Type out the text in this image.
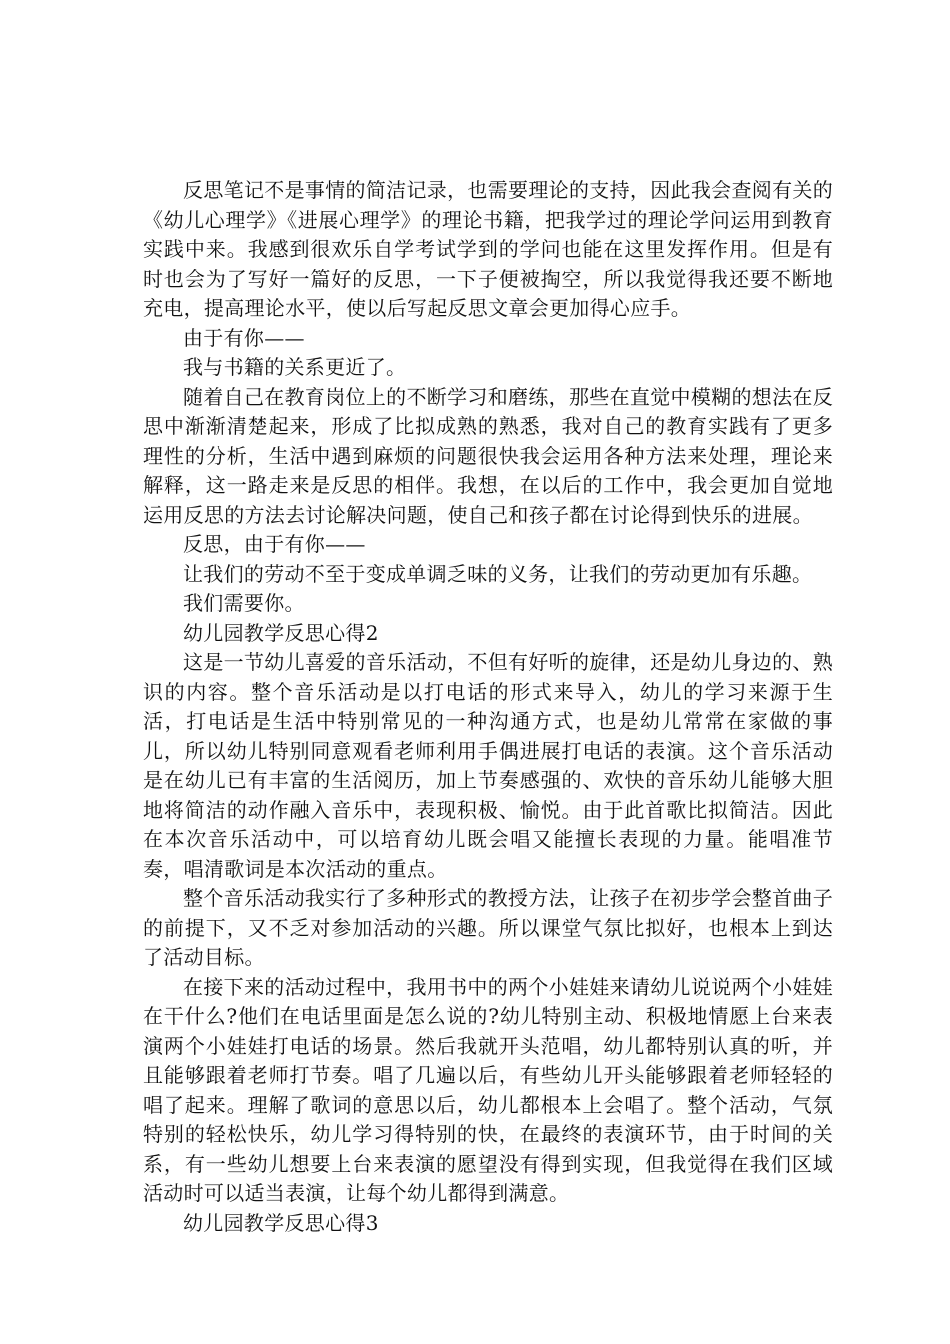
反思笔记不是事情的简洁记录，也需要理论的支持，因此我会查阅有关的《幼儿心理学》《进展心理学》的理论书籍，把我学过的理论学问运用到教育实践中来。我感到很欢乐自学考试学到的学问也能在这里发挥作用。但是有时也会为了写好一篇好的反思，一下子便被掏空，所以我觉得我还要不断地充电，提高理论水平，使以后写起反思文章会更加得心应手。

由于有你——

我与书籍的关系更近了。

随着自己在教育岗位上的不断学习和磨练，那些在直觉中模糊的想法在反思中渐渐清楚起来，形成了比拟成熟的熟悉，我对自己的教育实践有了更多理性的分析，生活中遇到麻烦的问题很快我会运用各种方法来处理，理论来解释，这一路走来是反思的相伴。我想，在以后的工作中，我会更加自觉地运用反思的方法去讨论解决问题，使自己和孩子都在讨论得到快乐的进展。

反思，由于有你——

让我们的劳动不至于变成单调乏味的义务，让我们的劳动更加有乐趣。

我们需要你。

幼儿园教学反思心得2

这是一节幼儿喜爱的音乐活动，不但有好听的旋律，还是幼儿身边的、熟识的内容。整个音乐活动是以打电话的形式来导入，幼儿的学习来源于生活，打电话是生活中特别常见的一种沟通方式，也是幼儿常常在家做的事儿，所以幼儿特别同意观看老师利用手偶进展打电话的表演。这个音乐活动是在幼儿已有丰富的生活阅历，加上节奏感强的、欢快的音乐幼儿能够大胆地将简洁的动作融入音乐中，表现积极、愉悦。由于此首歌比拟简洁。因此在本次音乐活动中，可以培育幼儿既会唱又能擅长表现的力量。能唱准节奏，唱清歌词是本次活动的重点。

整个音乐活动我实行了多种形式的教授方法，让孩子在初步学会整首曲子的前提下，又不乏对参加活动的兴趣。所以课堂气氛比拟好，也根本上到达了活动目标。

在接下来的活动过程中，我用书中的两个小娃娃来请幼儿说说两个小娃娃在干什么?他们在电话里面是怎么说的?幼儿特别主动、积极地情愿上台来表演两个小娃娃打电话的场景。然后我就开头范唱，幼儿都特别认真的听，并且能够跟着老师打节奏。唱了几遍以后，有些幼儿开头能够跟着老师轻轻的唱了起来。理解了歌词的意思以后，幼儿都根本上会唱了。整个活动，气氛特别的轻松快乐，幼儿学习得特别的快，在最终的表演环节，由于时间的关系，有一些幼儿想要上台来表演的愿望没有得到实现，但我觉得在我们区域活动时可以适当表演，让每个幼儿都得到满意。

幼儿园教学反思心得3
